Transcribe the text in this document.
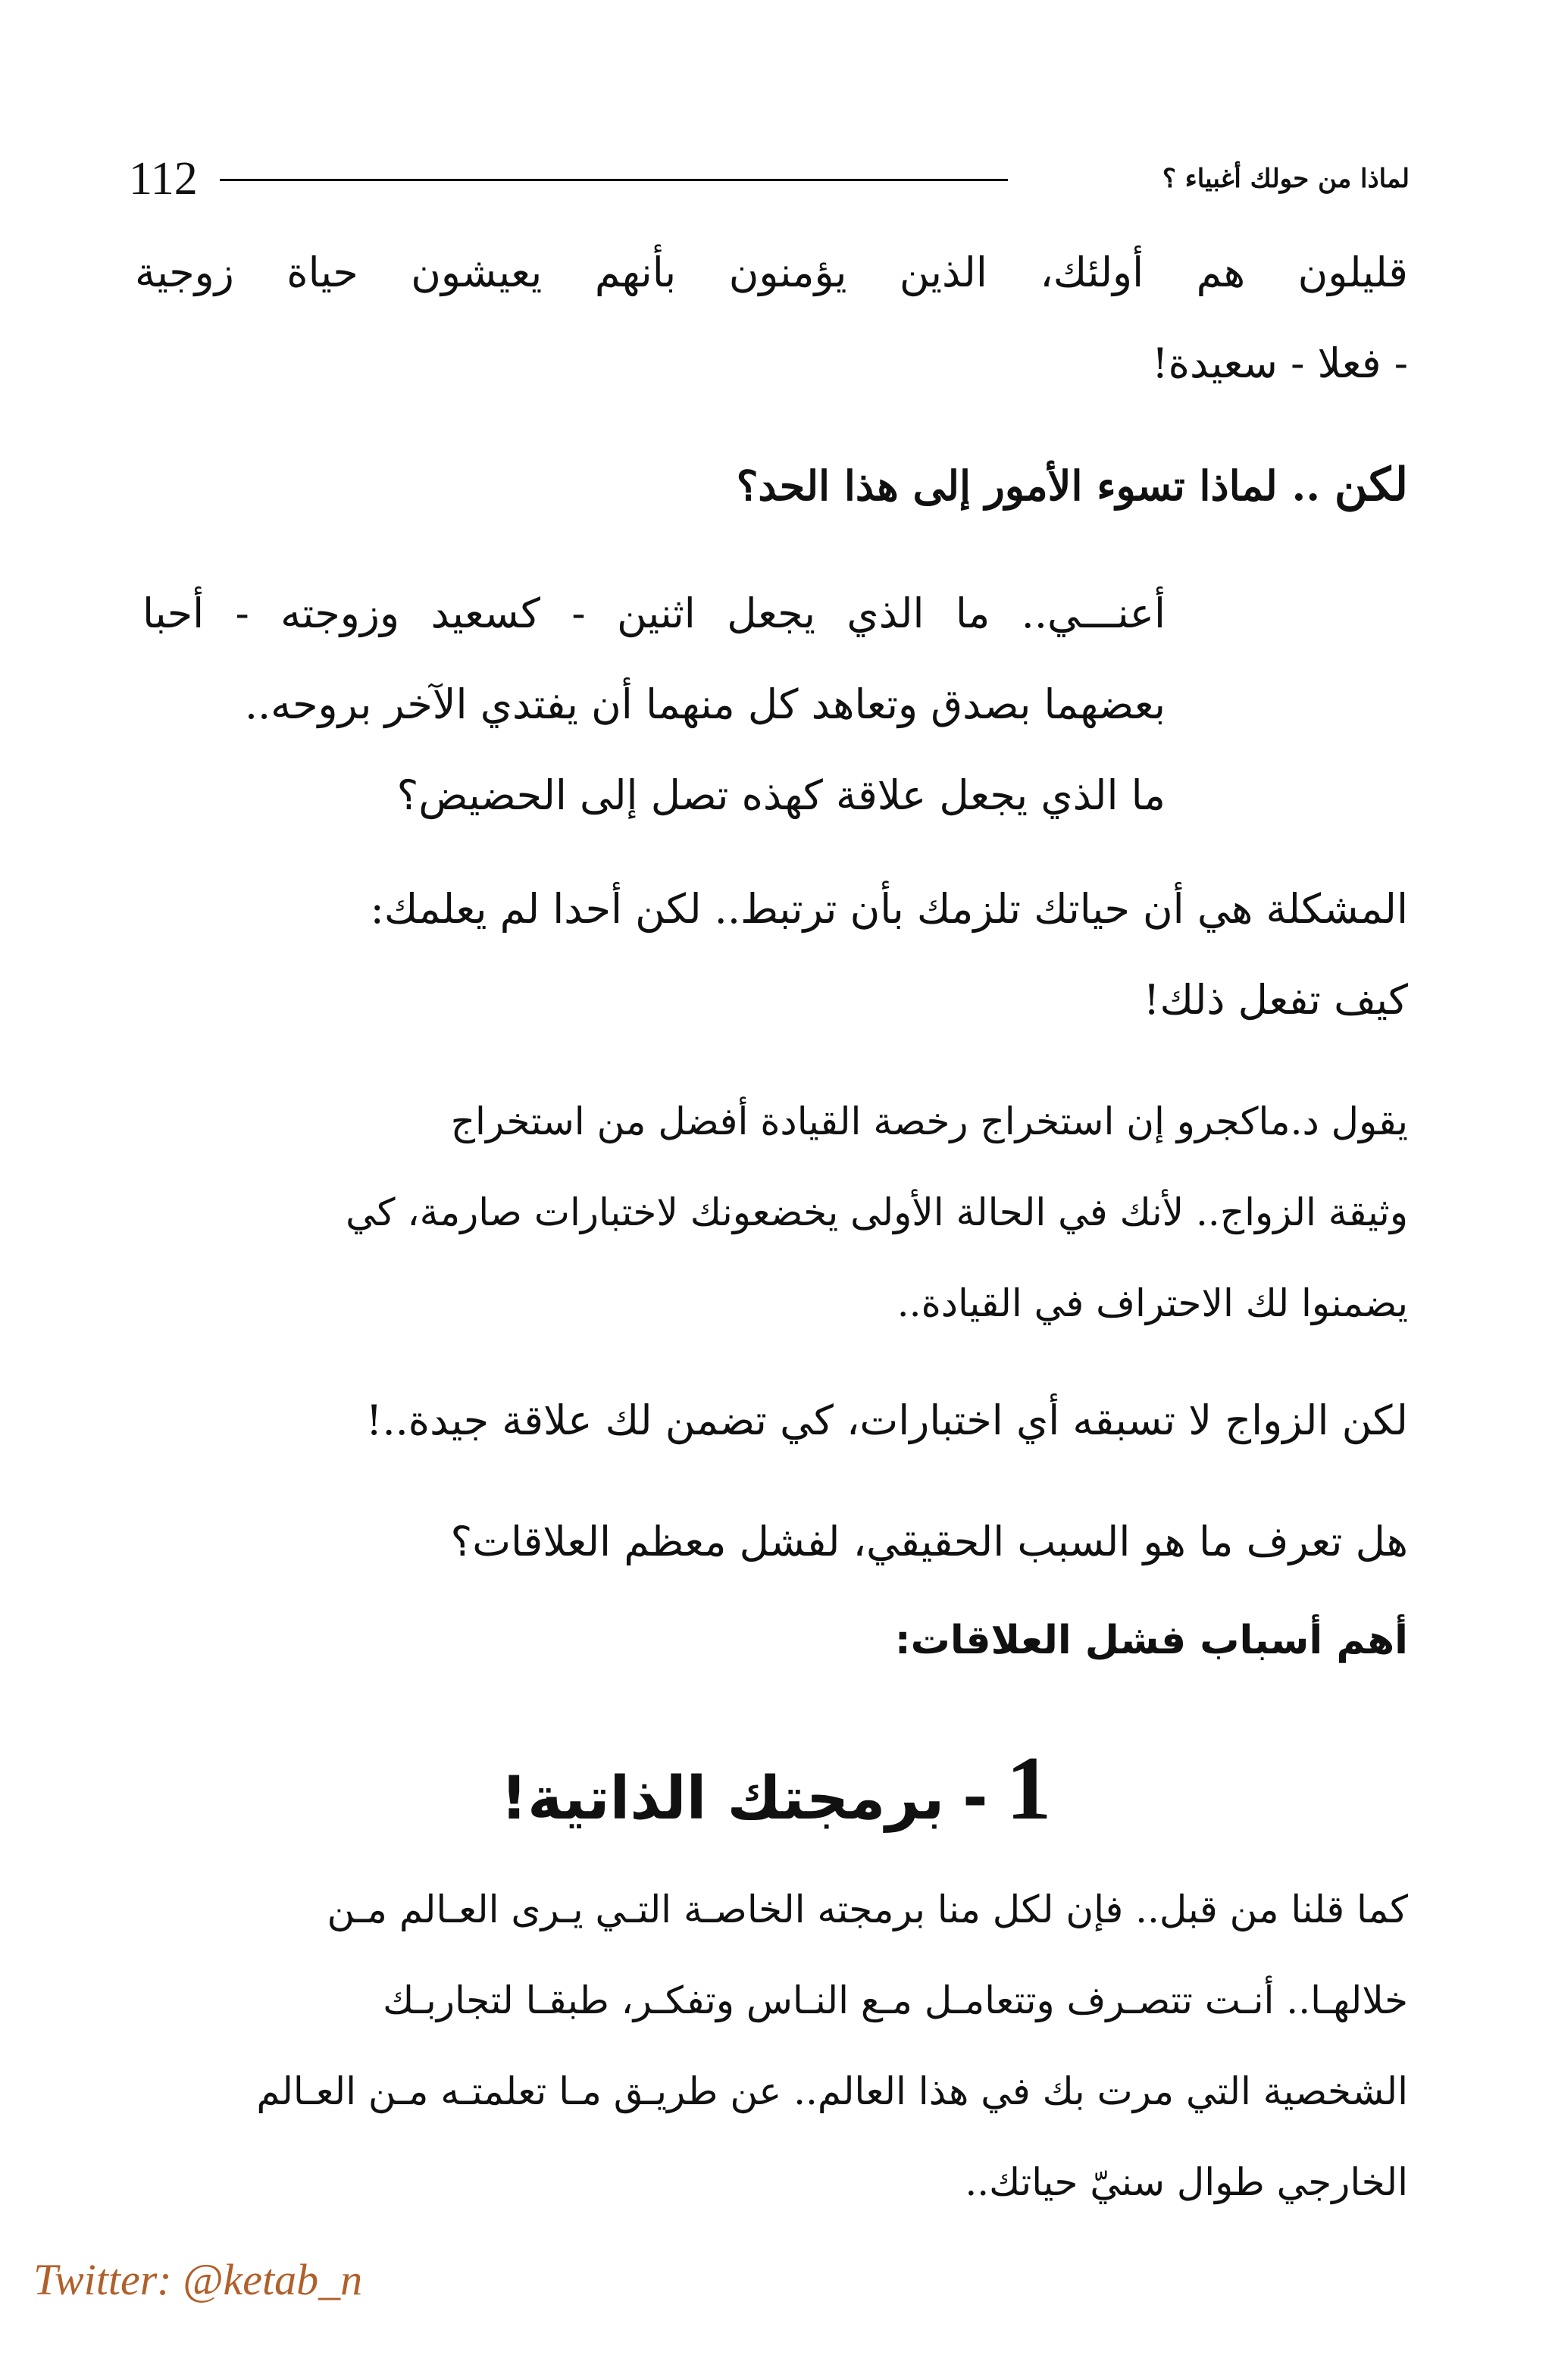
112	لماذا من حولك أغبياء ؟

قليلون هم أولئك، الذين يؤمنون بأنهم يعيشون حياة زوجية
- فعلا - سعيدة!

لكن .. لماذا تسوء الأمور إلى هذا الحد؟

أعنـــي.. ما الذي يجعل اثنين - كسعيد وزوجته - أحبا
بعضهما بصدق وتعاهد كل منهما أن يفتدي الآخر بروحه..
ما الذي يجعل علاقة كهذه تصل إلى الحضيض؟

المشكلة هي أن حياتك تلزمك بأن ترتبط.. لكن أحدا لم يعلمك:
كيف تفعل ذلك!

يقول د.ماكجرو إن استخراج رخصة القيادة أفضل من استخراج
وثيقة الزواج.. لأنك في الحالة الأولى يخضعونك لاختبارات صارمة، كي
يضمنوا لك الاحتراف في القيادة..

لكن الزواج لا تسبقه أي اختبارات، كي تضمن لك علاقة جيدة..!

هل تعرف ما هو السبب الحقيقي، لفشل معظم العلاقات؟

أهم أسباب فشل العلاقات:
1-برمجتك الذاتية!

كما قلنا من قبل.. فإن لكل منا برمجته الخاصـة التـي يـرى العـالم مـن
خلالهـا.. أنـت تتصـرف وتتعامـل مـع النـاس وتفكـر، طبقـا لتجاربـك
الشخصية التي مرت بك في هذا العالم.. عن طريـق مـا تعلمتـه مـن العـالم
الخارجي طوال سنيّ حياتك..

Twitter: @ketab_n
